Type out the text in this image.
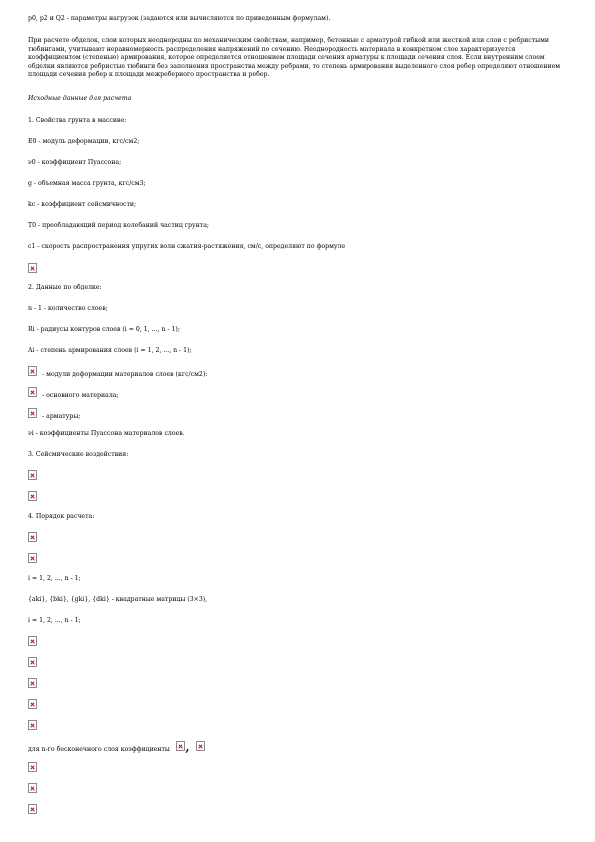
p0, p2 и Q2 - параметры нагрузок (задаются или вычисляются по приведенным формулам).
При расчете обделок, слои которых неоднородны по механическим свойствам, например, бетонные с арматурой гибкой или жесткой или слои с ребристыми тюбингами, учитывают неравномерность распределения напряжений по сечению. Неоднородность материала в конкретном слое характеризуется коэффициентом (степенью) армирования, которое определяется отношением площади сечения арматуры к площади сечения слоя. Если внутренним слоем обделки являются ребристые тюбинги без заполнения пространства между ребрами, то степень армирования выделенного слоя ребер определяют отношением площади сечения ребер к площади межреберного пространства и ребер.
Исходные данные для расчета
1. Свойства грунта в массиве:
E0 - модуль деформации, кгс/см2;
ν0 - коэффициент Пуассона;
g - объемная масса грунта, кгс/см3;
kc - коэффициент сейсмичности;
T0 - преобладающий период колебаний частиц грунта;
c1 - скорость распространения упругих волн сжатия-растяжения, см/с, определяют по формуле
2. Данные по обделке:
n - 1 - количество слоев;
Ri - радиусы контуров слоев (i = 0, 1, ..., n - 1);
Ai - степень армирования слоев (i = 1, 2, ..., n - 1);
- модули деформации материалов слоев (кгс/см2):
- основного материала;
- арматуры;
νi - коэффициенты Пуассона материалов слоев.
3. Сейсмические воздействия:
4. Порядок расчета:
i = 1, 2, ..., n - 1;
{aki}, {bki}, {gki}, {dki} - квадратные матрицы (3×3),
i = 1, 2, ..., n - 1;
для n-го бесконечного слоя коэффициенты ,
